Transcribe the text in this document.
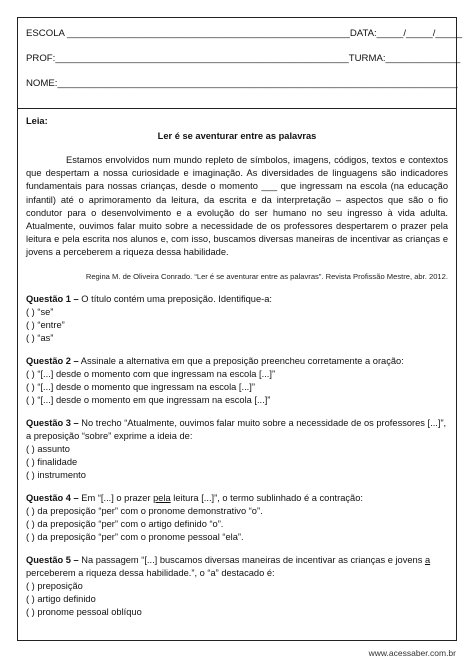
ESCOLA _____________________________________________________DATA:_____/_____/_____
PROF:_______________________________________________________TURMA:______________
NOME:___________________________________________________________________________
Leia:
Ler é se aventurar entre as palavras
Estamos envolvidos num mundo repleto de símbolos, imagens, códigos, textos e contextos que despertam a nossa curiosidade e imaginação. As diversidades de linguagens são indicadores fundamentais para nossas crianças, desde o momento ___ que ingressam na escola (na educação infantil) até o aprimoramento da leitura, da escrita e da interpretação – aspectos que são o fio condutor para o desenvolvimento e a evolução do ser humano no seu ingresso à vida adulta. Atualmente, ouvimos falar muito sobre a necessidade de os professores despertarem o prazer pela leitura e pela escrita nos alunos e, com isso, buscamos diversas maneiras de incentivar as crianças e jovens a perceberem a riqueza dessa habilidade.
Regina M. de Oliveira Conrado. “Ler é se aventurar entre as palavras”. Revista Profissão Mestre, abr. 2012.
Questão 1 – O título contém uma preposição. Identifique-a:
( ) “se”
( ) “entre”
( ) “as”
Questão 2 – Assinale a alternativa em que a preposição preencheu corretamente a oração:
( ) “[...] desde o momento com que ingressam na escola [...]”
( ) “[...] desde o momento que ingressam na escola [...]”
( ) “[...] desde o momento em que ingressam na escola [...]”
Questão 3 – No trecho “Atualmente, ouvimos falar muito sobre a necessidade de os professores [...]”, a preposição “sobre” exprime a ideia de:
( ) assunto
( ) finalidade
( ) instrumento
Questão 4 – Em “[...] o prazer pela leitura [...]”, o termo sublinhado é a contração:
( ) da preposição “per” com o pronome demonstrativo “o”.
( ) da preposição “per” com o artigo definido “o”.
( ) da preposição “per” com o pronome pessoal “ela”.
Questão 5 – Na passagem “[...] buscamos diversas maneiras de incentivar as crianças e jovens a perceberem a riqueza dessa habilidade.”, o “a” destacado é:
( ) preposição
( ) artigo definido
( ) pronome pessoal oblíquo
www.acessaber.com.br
